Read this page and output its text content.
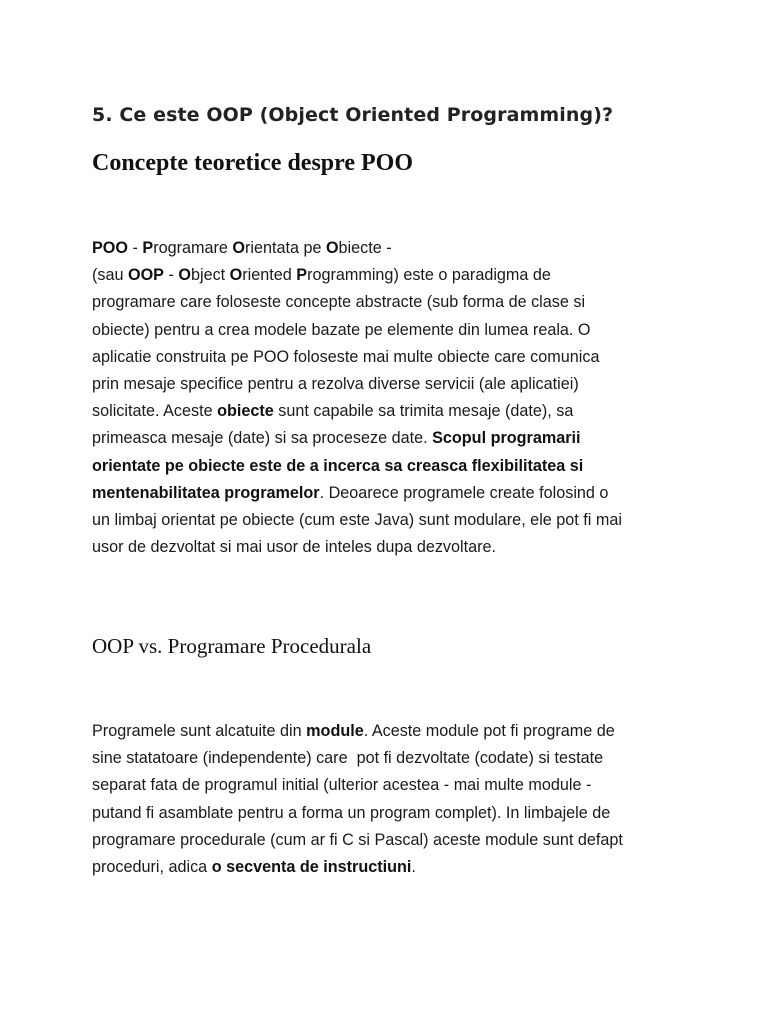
5. Ce este OOP (Object Oriented Programming)?
Concepte teoretice despre POO

POO - Programare Orientata pe Obiecte -
(sau OOP - Object Oriented Programming) este o paradigma de
programare care foloseste concepte abstracte (sub forma de clase si
obiecte) pentru a crea modele bazate pe elemente din lumea reala. O
aplicatie construita pe POO foloseste mai multe obiecte care comunica
prin mesaje specifice pentru a rezolva diverse servicii (ale aplicatiei)
solicitate. Aceste obiecte sunt capabile sa trimita mesaje (date), sa
primeasca mesaje (date) si sa proceseze date. Scopul programarii
orientate pe obiecte este de a incerca sa creasca flexibilitatea si
mentenabilitatea programelor. Deoarece programele create folosind o
un limbaj orientat pe obiecte (cum este Java) sunt modulare, ele pot fi mai
usor de dezvoltat si mai usor de inteles dupa dezvoltare.

OOP vs. Programare Procedurala

Programele sunt alcatuite din module. Aceste module pot fi programe de
sine statatoare (independente) care  pot fi dezvoltate (codate) si testate
separat fata de programul initial (ulterior acestea - mai multe module -
putand fi asamblate pentru a forma un program complet). In limbajele de
programare procedurale (cum ar fi C si Pascal) aceste module sunt defapt
proceduri, adica o secventa de instructiuni.
